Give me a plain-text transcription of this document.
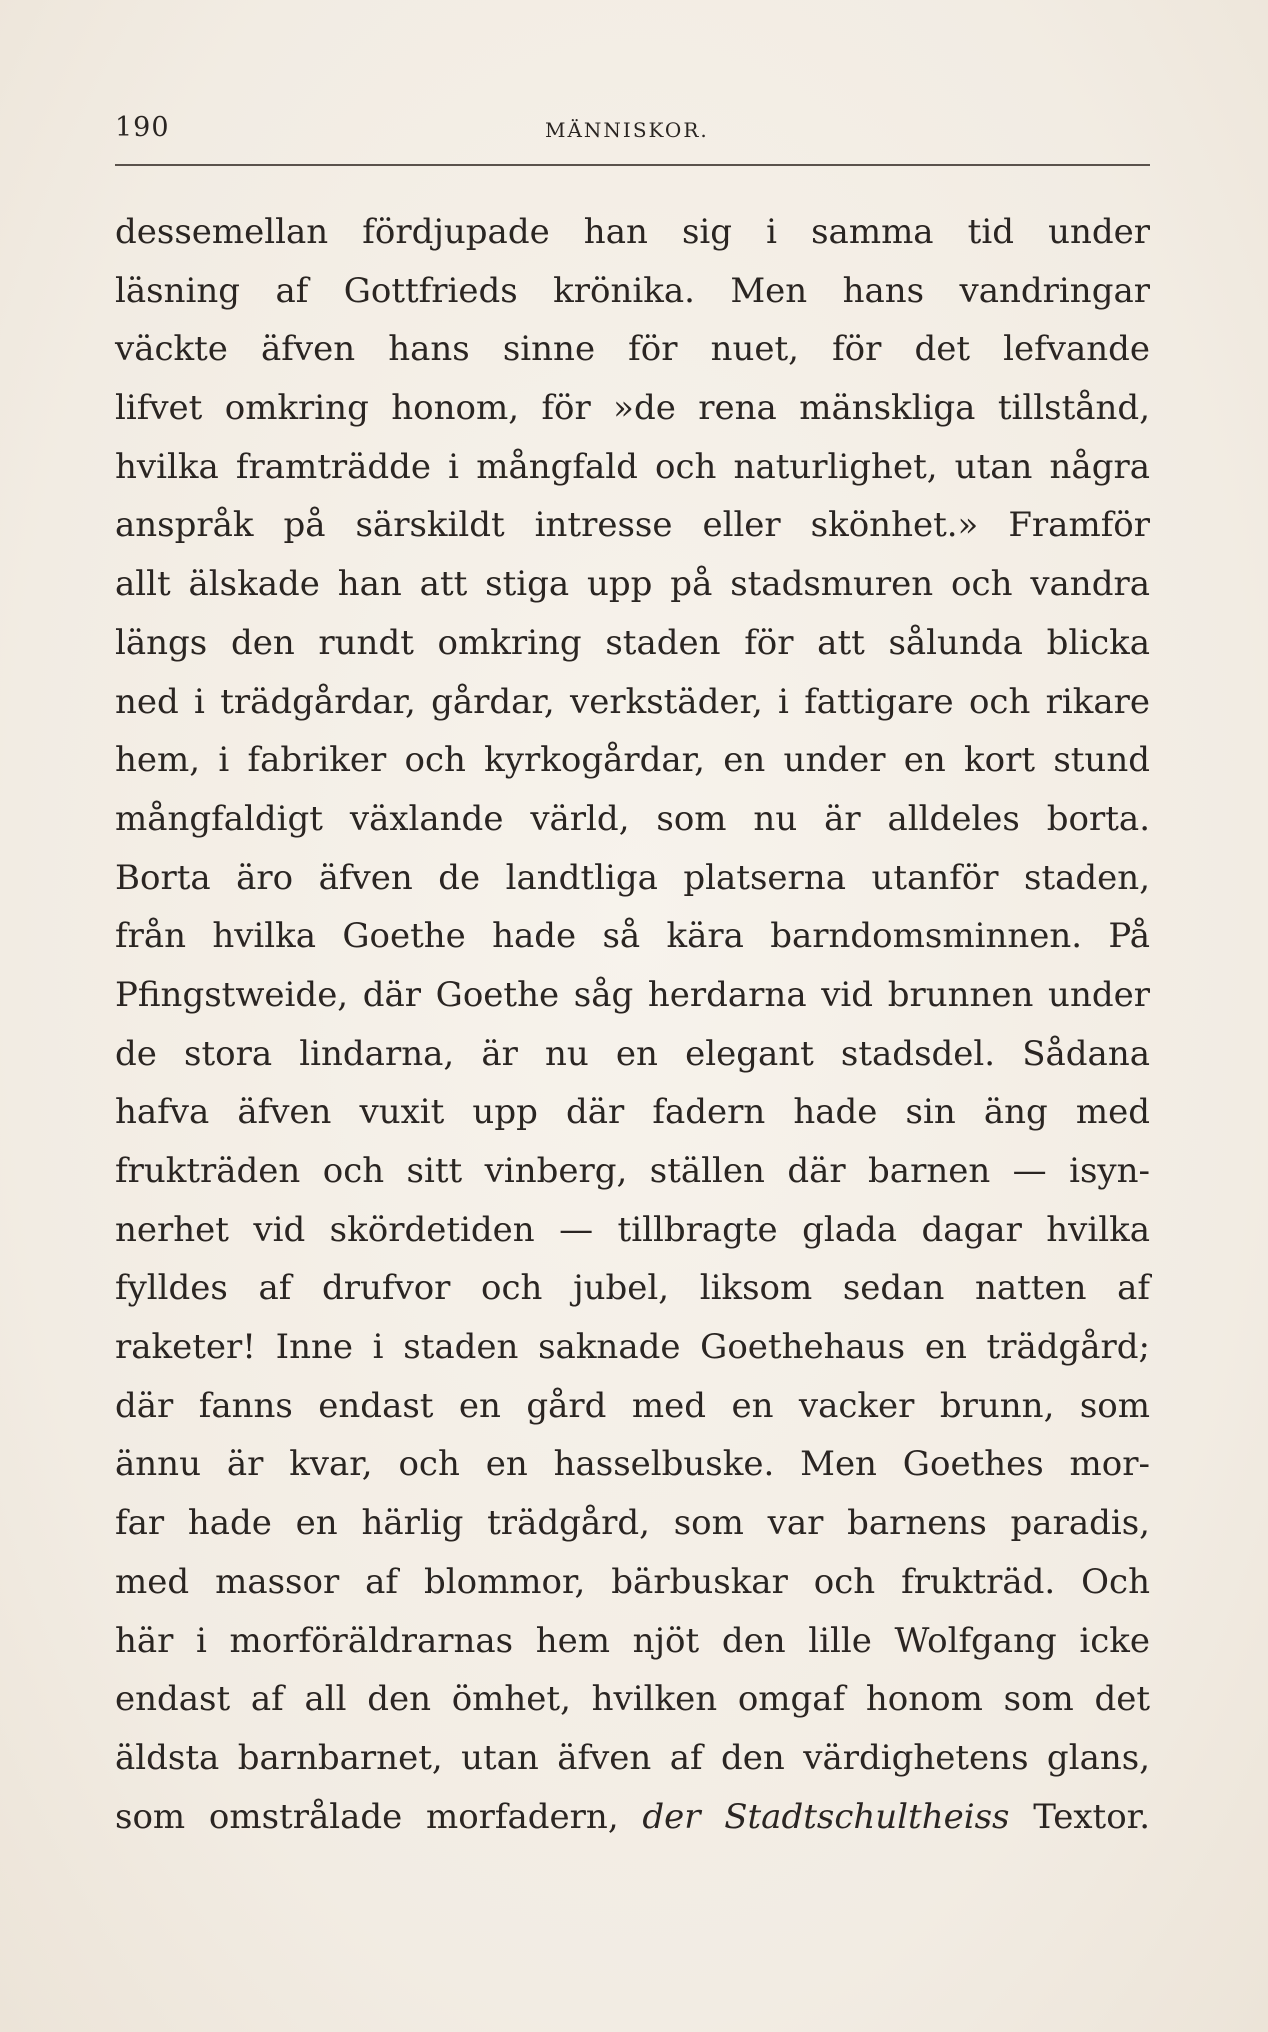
190	MÄNNISKOR.
dessemellan fördjupade han sig i samma tid under
läsning af Gottfrieds krönika. Men hans vandringar
väckte äfven hans sinne för nuet, för det lefvande
lifvet omkring honom, för »de rena mänskliga tillstånd,
hvilka framträdde i mångfald och naturlighet, utan några
anspråk på särskildt intresse eller skönhet.» Framför
allt älskade han att stiga upp på stadsmuren och vandra
längs den rundt omkring staden för att sålunda blicka
ned i trädgårdar, gårdar, verkstäder, i fattigare och rikare
hem, i fabriker och kyrkogårdar, en under en kort stund
mångfaldigt växlande värld, som nu är alldeles borta.
Borta äro äfven de landtliga platserna utanför staden,
från hvilka Goethe hade så kära barndomsminnen. På
Pfingstweide, där Goethe såg herdarna vid brunnen under
de stora lindarna, är nu en elegant stadsdel. Sådana
hafva äfven vuxit upp där fadern hade sin äng med
frukträden och sitt vinberg, ställen där barnen — isyn-
nerhet vid skördetiden — tillbragte glada dagar hvilka
fylldes af drufvor och jubel, liksom sedan natten af
raketer! Inne i staden saknade Goethehaus en trädgård;
där fanns endast en gård med en vacker brunn, som
ännu är kvar, och en hasselbuske. Men Goethes mor-
far hade en härlig trädgård, som var barnens paradis,
med massor af blommor, bärbuskar och frukträd. Och
här i morföräldrarnas hem njöt den lille Wolfgang icke
endast af all den ömhet, hvilken omgaf honom som det
äldsta barnbarnet, utan äfven af den värdighetens glans,
som omstrålade morfadern, der Stadtschultheiss Textor.
